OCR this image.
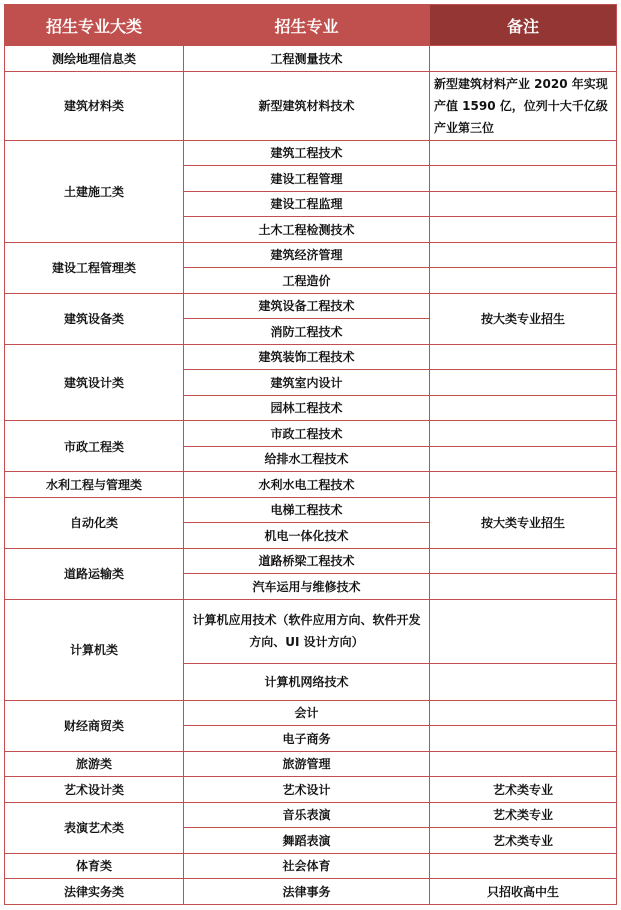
招生专业大类	招生专业	备注
测绘地理信息类	工程测量技术	
建筑材料类	新型建筑材料技术	新型建筑材料产业 2020 年实现产值 1590 亿，位列十大千亿级产业第三位
土建施工类	建筑工程技术	
	建设工程管理	
	建设工程监理	
	土木工程检测技术	
建设工程管理类	建筑经济管理	
	工程造价	
建筑设备类	建筑设备工程技术	按大类专业招生
	消防工程技术	
建筑设计类	建筑装饰工程技术	
	建筑室内设计	
	园林工程技术	
市政工程类	市政工程技术	
	给排水工程技术	
水利工程与管理类	水利水电工程技术	
自动化类	电梯工程技术	按大类专业招生
	机电一体化技术	
道路运输类	道路桥梁工程技术	
	汽车运用与维修技术	
计算机类	计算机应用技术（软件应用方向、软件开发方向、UI 设计方向）	
	计算机网络技术	
财经商贸类	会计	
	电子商务	
旅游类	旅游管理	
艺术设计类	艺术设计	艺术类专业
表演艺术类	音乐表演	艺术类专业
	舞蹈表演	艺术类专业
体育类	社会体育	
法律实务类	法律事务	只招收高中生
